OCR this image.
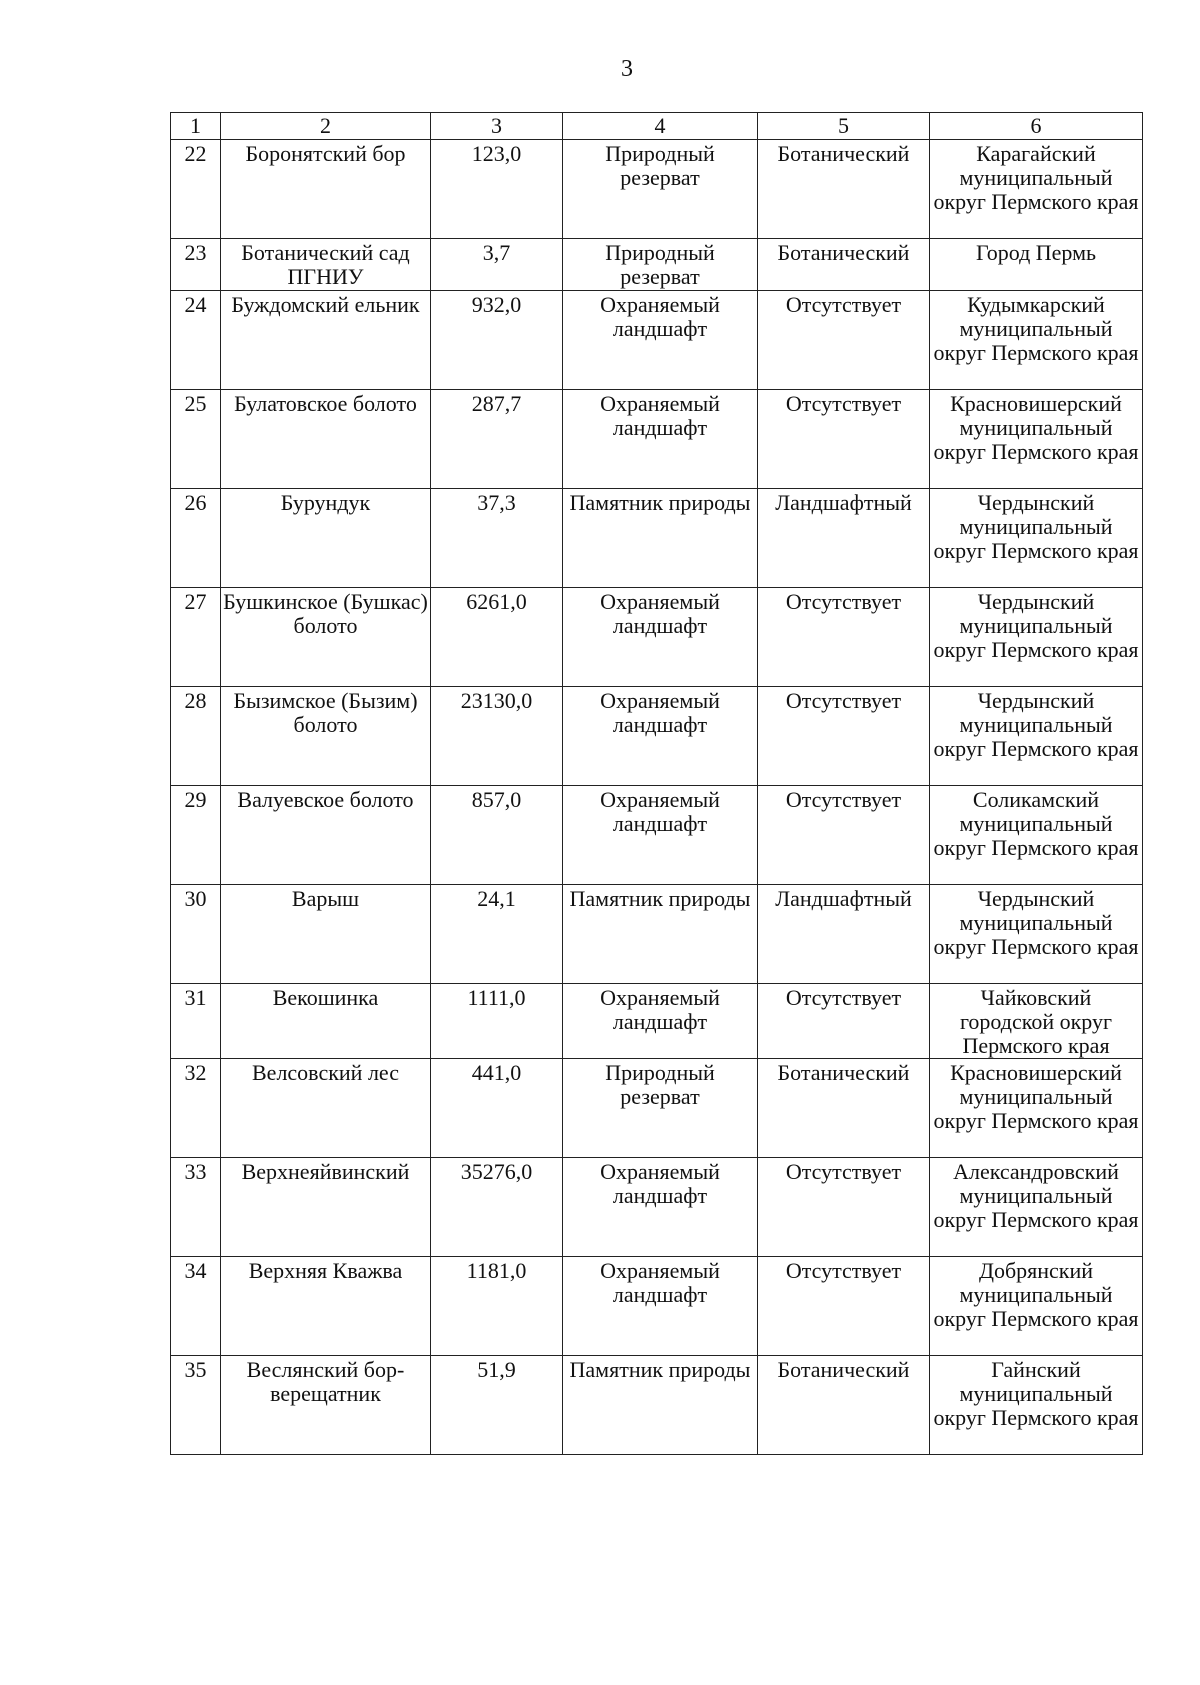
3
1	2	3	4	5	6
22	Боронятский бор	123,0	Природный резерват	Ботанический	Карагайский муниципальный округ Пермского края
23	Ботанический сад ПГНИУ	3,7	Природный резерват	Ботанический	Город Пермь
24	Буждомский ельник	932,0	Охраняемый ландшафт	Отсутствует	Кудымкарский муниципальный округ Пермского края
25	Булатовское болото	287,7	Охраняемый ландшафт	Отсутствует	Красновишерский муниципальный округ Пермского края
26	Бурундук	37,3	Памятник природы	Ландшафтный	Чердынский муниципальный округ Пермского края
27	Бушкинское (Бушкас) болото	6261,0	Охраняемый ландшафт	Отсутствует	Чердынский муниципальный округ Пермского края
28	Бызимское (Бызим) болото	23130,0	Охраняемый ландшафт	Отсутствует	Чердынский муниципальный округ Пермского края
29	Валуевское болото	857,0	Охраняемый ландшафт	Отсутствует	Соликамский муниципальный округ Пермского края
30	Варыш	24,1	Памятник природы	Ландшафтный	Чердынский муниципальный округ Пермского края
31	Векошинка	1111,0	Охраняемый ландшафт	Отсутствует	Чайковский городской округ Пермского края
32	Велсовский лес	441,0	Природный резерват	Ботанический	Красновишерский муниципальный округ Пермского края
33	Верхнеяйвинский	35276,0	Охраняемый ландшафт	Отсутствует	Александровский муниципальный округ Пермского края
34	Верхняя Кважва	1181,0	Охраняемый ландшафт	Отсутствует	Добрянский муниципальный округ Пермского края
35	Веслянский бор-верещатник	51,9	Памятник природы	Ботанический	Гайнский муниципальный округ Пермского края
